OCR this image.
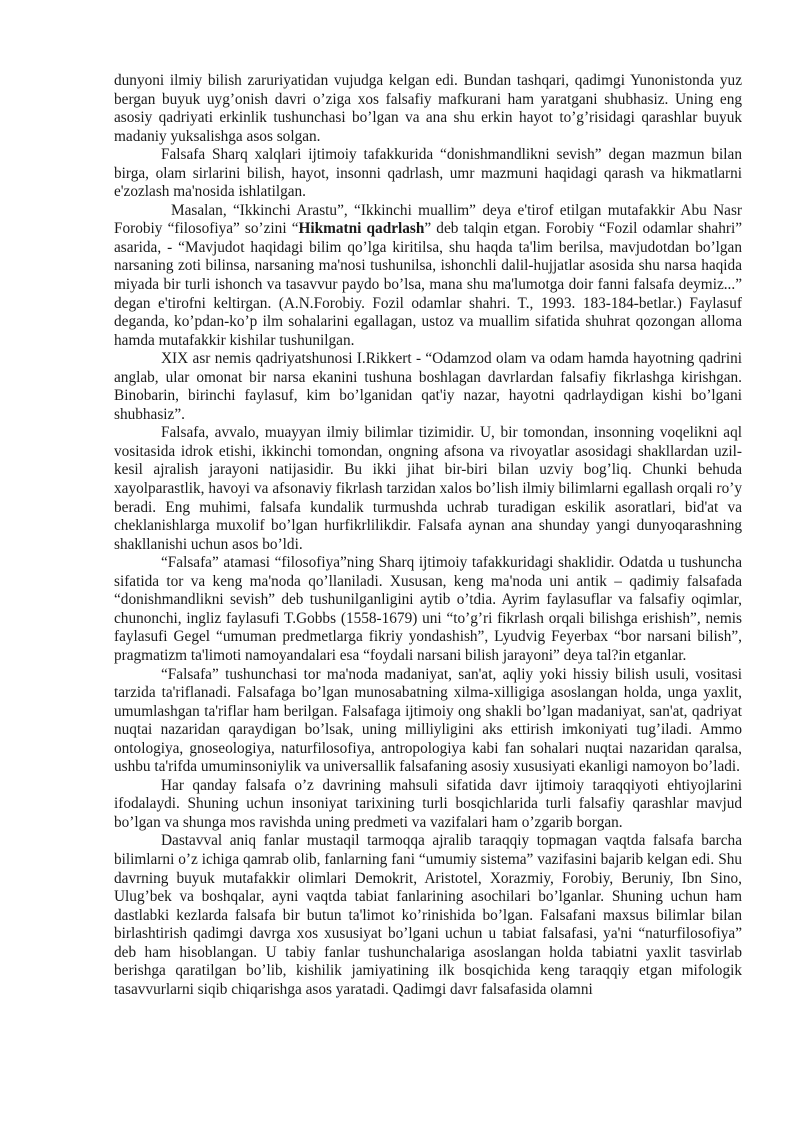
dunyoni ilmiy bilish zaruriyatidan vujudga kelgan edi. Bundan tashqari, qadimgi Yunonistonda yuz bergan buyuk uyg’onish davri o’ziga xos falsafiy mafkurani ham yaratgani shubhasiz. Uning eng asosiy qadriyati erkinlik tushunchasi bo’lgan va ana shu erkin hayot to’g’risidagi qarashlar buyuk madaniy yuksalishga asos solgan.

Falsafa Sharq xalqlari ijtimoiy tafakkurida “donishmandlikni sevish” degan mazmun bilan birga, olam sirlarini bilish, hayot, insonni qadrlash, umr mazmuni haqidagi qarash va hikmatlarni e'zozlash ma'nosida ishlatilgan.

Masalan, “Ikkinchi Arastu”, “Ikkinchi muallim” deya e'tirof etilgan mutafakkir Abu Nasr Forobiy “filosofiya” so’zini “Hikmatni qadrlash” deb talqin etgan. Forobiy “Fozil odamlar shahri” asarida, - “Mavjudot haqidagi bilim qo’lga kiritilsa, shu haqda ta'lim berilsa, mavjudotdan bo’lgan narsaning zoti bilinsa, narsaning ma'nosi tushunilsa, ishonchli dalil-hujjatlar asosida shu narsa haqida miyada bir turli ishonch va tasavvur paydo bo’lsa, mana shu ma'lumotga doir fanni falsafa deymiz...” degan e'tirofni keltirgan. (A.N.Forobiy. Fozil odamlar shahri. T., 1993. 183-184-betlar.) Faylasuf deganda, ko’pdan-ko’p ilm sohalarini egallagan, ustoz va muallim sifatida shuhrat qozongan alloma hamda mutafakkir kishilar tushunilgan.

XIX asr nemis qadriyatshunosi I.Rikkert - “Odamzod olam va odam hamda hayotning qadrini anglab, ular omonat bir narsa ekanini tushuna boshlagan davrlardan falsafiy fikrlashga kirishgan. Binobarin, birinchi faylasuf, kim bo’lganidan qat'iy nazar, hayotni qadrlaydigan kishi bo’lgani shubhasiz”.

Falsafa, avvalo, muayyan ilmiy bilimlar tizimidir. U, bir tomondan, insonning voqelikni aql vositasida idrok etishi, ikkinchi tomondan, ongning afsona va rivoyatlar asosidagi shakllardan uzil-kesil ajralish jarayoni natijasidir. Bu ikki jihat bir-biri bilan uzviy bog’liq. Chunki behuda xayolparastlik, havoyi va afsonaviy fikrlash tarzidan xalos bo’lish ilmiy bilimlarni egallash orqali ro’y beradi. Eng muhimi, falsafa kundalik turmushda uchrab turadigan eskilik asoratlari, bid'at va cheklanishlarga muxolif bo’lgan hurfikrlilikdir. Falsafa aynan ana shunday yangi dunyoqarashning shakllanishi uchun asos bo’ldi.

“Falsafa” atamasi “filosofiya”ning Sharq ijtimoiy tafakkuridagi shaklidir. Odatda u tushuncha sifatida tor va keng ma'noda qo’llaniladi. Xususan, keng ma'noda uni antik – qadimiy falsafada “donishmandlikni sevish” deb tushunilganligini aytib o’tdia. Ayrim faylasuflar va falsafiy oqimlar, chunonchi, ingliz faylasufi T.Gobbs (1558-1679) uni “to’g’ri fikrlash orqali bilishga erishish”, nemis faylasufi Gegel “umuman predmetlarga fikriy yondashish”, Lyudvig Feyerbax “bor narsani bilish”, pragmatizm ta'limoti namoyandalari esa “foydali narsani bilish jarayoni” deya tal?in etganlar.

“Falsafa” tushunchasi tor ma'noda madaniyat, san'at, aqliy yoki hissiy bilish usuli, vositasi tarzida ta'riflanadi. Falsafaga bo’lgan munosabatning xilma-xilligiga asoslangan holda, unga yaxlit, umumlashgan ta'riflar ham berilgan. Falsafaga ijtimoiy ong shakli bo’lgan madaniyat, san'at, qadriyat nuqtai nazaridan qaraydigan bo’lsak, uning milliyligini aks ettirish imkoniyati tug’iladi. Ammo ontologiya, gnoseologiya, naturfilosofiya, antropologiya kabi fan sohalari nuqtai nazaridan qaralsa, ushbu ta'rifda umuminsoniylik va universallik falsafaning asosiy xususiyati ekanligi namoyon bo’ladi.

Har qanday falsafa o’z davrining mahsuli sifatida davr ijtimoiy taraqqiyoti ehtiyojlarini ifodalaydi. Shuning uchun insoniyat tarixining turli bosqichlarida turli falsafiy qarashlar mavjud bo’lgan va shunga mos ravishda uning predmeti va vazifalari ham o’zgarib borgan.

Dastavval aniq fanlar mustaqil tarmoqqa ajralib taraqqiy topmagan vaqtda falsafa barcha bilimlarni o’z ichiga qamrab olib, fanlarning fani “umumiy sistema” vazifasini bajarib kelgan edi. Shu davrning buyuk mutafakkir olimlari Demokrit, Aristotel, Xorazmiy, Forobiy, Beruniy, Ibn Sino, Ulug’bek va boshqalar, ayni vaqtda tabiat fanlarining asochilari bo’lganlar. Shuning uchun ham dastlabki kezlarda falsafa bir butun ta'limot ko’rinishida bo’lgan. Falsafani maxsus bilimlar bilan birlashtirish qadimgi davrga xos xususiyat bo’lgani uchun u tabiat falsafasi, ya'ni “naturfilosofiya” deb ham hisoblangan. U tabiy fanlar tushunchalariga asoslangan holda tabiatni yaxlit tasvirlab berishga qaratilgan bo’lib, kishilik jamiyatining ilk bosqichida keng taraqqiy etgan mifologik tasavvurlarni siqib chiqarishga asos yaratadi. Qadimgi davr falsafasida olamni
